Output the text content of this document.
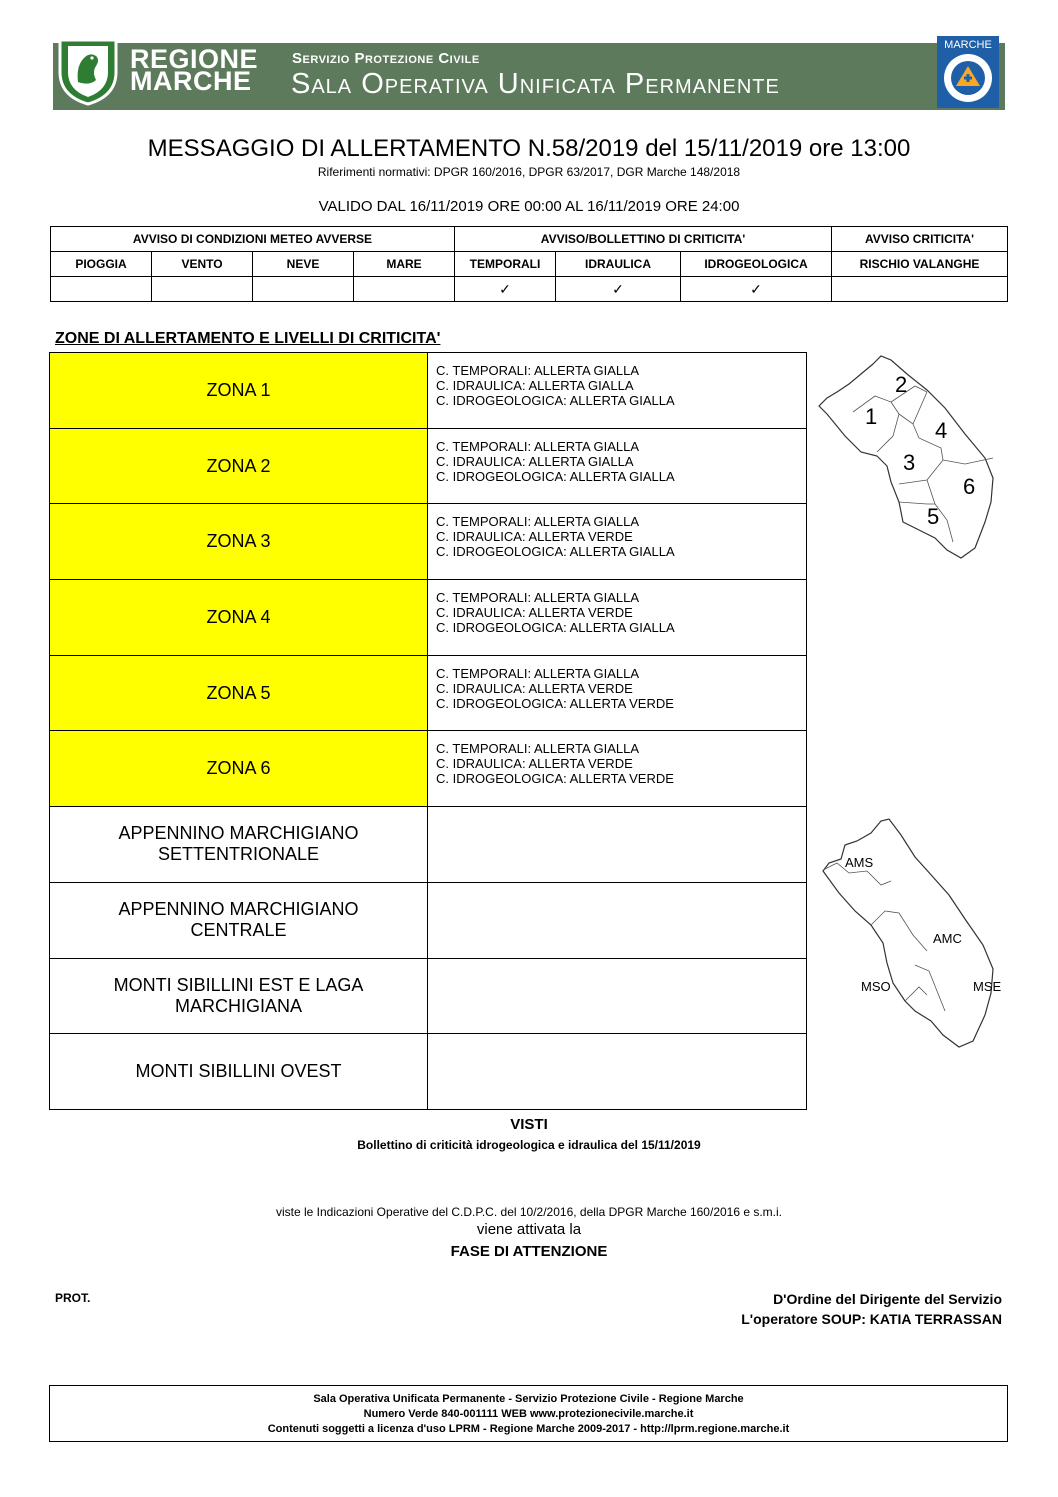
REGIONE
MARCHE
Servizio Protezione Civile
Sala Operativa Unificata Permanente
MARCHE
MESSAGGIO DI ALLERTAMENTO N.58/2019 del 15/11/2019 ore 13:00
Riferimenti normativi: DPGR 160/2016, DPGR 63/2017, DGR Marche 148/2018
VALIDO DAL 16/11/2019 ORE 00:00 AL 16/11/2019 ORE 24:00
AVVISO DI CONDIZIONI METEO AVVERSE				AVVISO/BOLLETTINO DI CRITICITA'			AVVISO CRITICITA'
PIOGGIA	VENTO	NEVE	MARE	TEMPORALI	IDRAULICA	IDROGEOLOGICA	RISCHIO VALANGHE
				✓	✓	✓	
ZONE DI ALLERTAMENTO E LIVELLI DI CRITICITA'
ZONA 1	C. TEMPORALI: ALLERTA GIALLA
C. IDRAULICA: ALLERTA GIALLA
C. IDROGEOLOGICA: ALLERTA GIALLA

ZONA 2	C. TEMPORALI: ALLERTA GIALLA
C. IDRAULICA: ALLERTA GIALLA
C. IDROGEOLOGICA: ALLERTA GIALLA

ZONA 3	C. TEMPORALI: ALLERTA GIALLA
C. IDRAULICA: ALLERTA VERDE
C. IDROGEOLOGICA: ALLERTA GIALLA

ZONA 4	C. TEMPORALI: ALLERTA GIALLA
C. IDRAULICA: ALLERTA VERDE
C. IDROGEOLOGICA: ALLERTA GIALLA

ZONA 5	C. TEMPORALI: ALLERTA GIALLA
C. IDRAULICA: ALLERTA VERDE
C. IDROGEOLOGICA: ALLERTA VERDE

ZONA 6	C. TEMPORALI: ALLERTA GIALLA
C. IDRAULICA: ALLERTA VERDE
C. IDROGEOLOGICA: ALLERTA VERDE

APPENNINO MARCHIGIANO
SETTENTRIONALE	

APPENNINO MARCHIGIANO
CENTRALE	

MONTI SIBILLINI EST E LAGA
MARCHIGIANA	

MONTI SIBILLINI OVEST	

2
1
4
3
6
5
AMS
AMC
MSO	MSE
VISTI
Bollettino di criticità idrogeologica e idraulica del 15/11/2019
viste le Indicazioni Operative del C.D.P.C. del 10/2/2016, della DPGR Marche 160/2016 e s.m.i.
viene attivata la
FASE DI ATTENZIONE
PROT.	D'Ordine del Dirigente del Servizio
L'operatore SOUP: KATIA TERRASSAN
Sala Operativa Unificata Permanente - Servizio Protezione Civile - Regione Marche
Numero Verde 840-001111 WEB www.protezionecivile.marche.it
Contenuti soggetti a licenza d'uso LPRM - Regione Marche 2009-2017 - http://lprm.regione.marche.it
